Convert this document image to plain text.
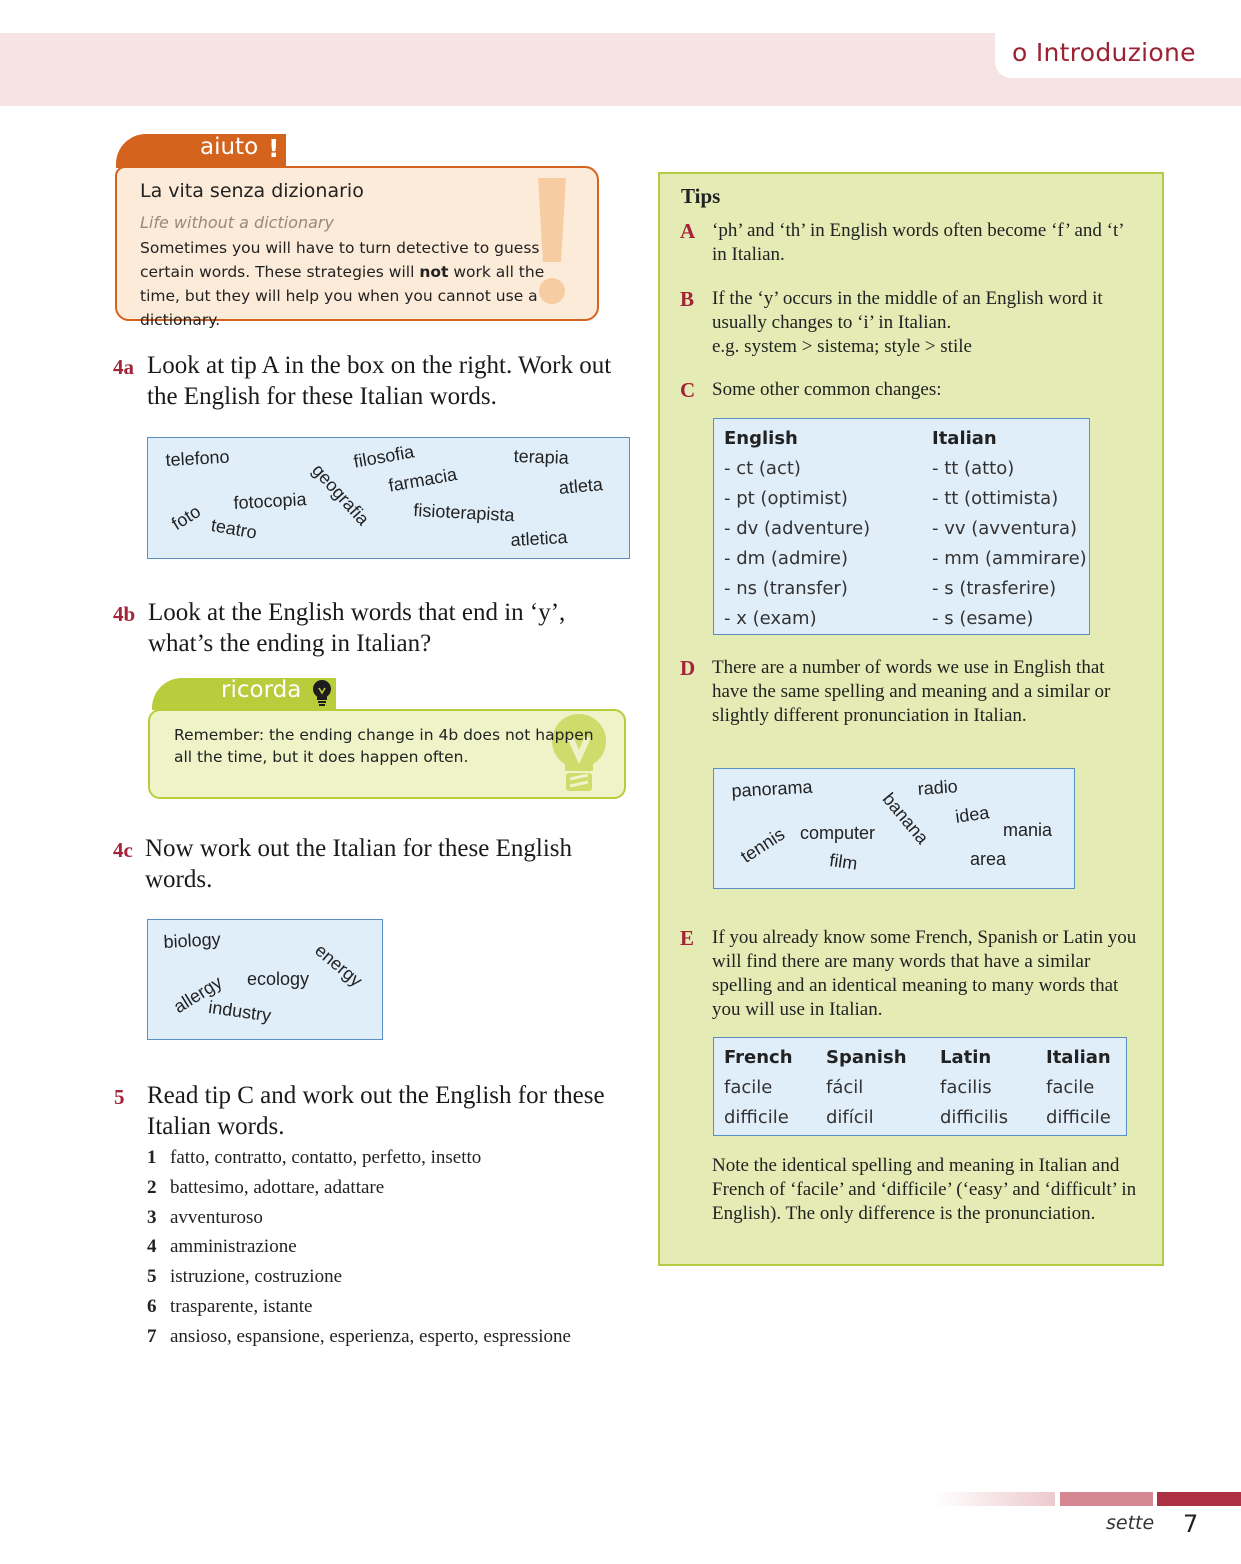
o Introduzione
aiuto !
La vita senza dizionario
Life without a dictionary
Sometimes you will have to turn detective to guess certain words. These strategies will not work all the time, but they will help you when you cannot use a dictionary.
4a Look at tip A in the box on the right. Work out the English for these Italian words.
telefono	filosofia	terapia
geografia farmacia	atleta
foto
fotocopia	fisioterapista
teatro	atletica
4b Look at the English words that end in ‘y’, what’s the ending in Italian?
ricorda
Remember: the ending change in 4b does not happen all the time, but it does happen often.
4c Now work out the Italian for these English words.
biology	energy
allergy ecology
industry
5 Read tip C and work out the English for these Italian words.
1 fatto, contratto, contatto, perfetto, insetto
2 battesimo, adottare, adattare
3 avventuroso
4 amministrazione
5 istruzione, costruzione
6 trasparente, istante
7 ansioso, espansione, esperienza, esperto, espressione
Tips
A ‘ph’ and ‘th’ in English words often become ‘f’ and ‘t’ in Italian.
B If the ‘y’ occurs in the middle of an English word it usually changes to ‘i’ in Italian.
e.g. system > sistema; style > stile
C Some other common changes:
English	Italian
- ct (act)	- tt (atto)
- pt (optimist)	- tt (ottimista)
- dv (adventure)	- vv (avventura)
- dm (admire)	- mm (ammirare)
- ns (transfer)	- s (trasferire)
- x (exam)	- s (esame)
D There are a number of words we use in English that have the same spelling and meaning and a similar or slightly different pronunciation in Italian.
panorama	radio
banana idea
tennis computer	mania
film	area
E If you already know some French, Spanish or Latin you will find there are many words that have a similar spelling and an identical meaning to many words that you will use in Italian.
French	Spanish	Latin	Italian
facile	fácil	facilis	facile
difficile	difícil	difficilis	difficile
Note the identical spelling and meaning in Italian and French of ‘facile’ and ‘difficile’ (‘easy’ and ‘difficult’ in English). The only difference is the pronunciation.
sette 7
